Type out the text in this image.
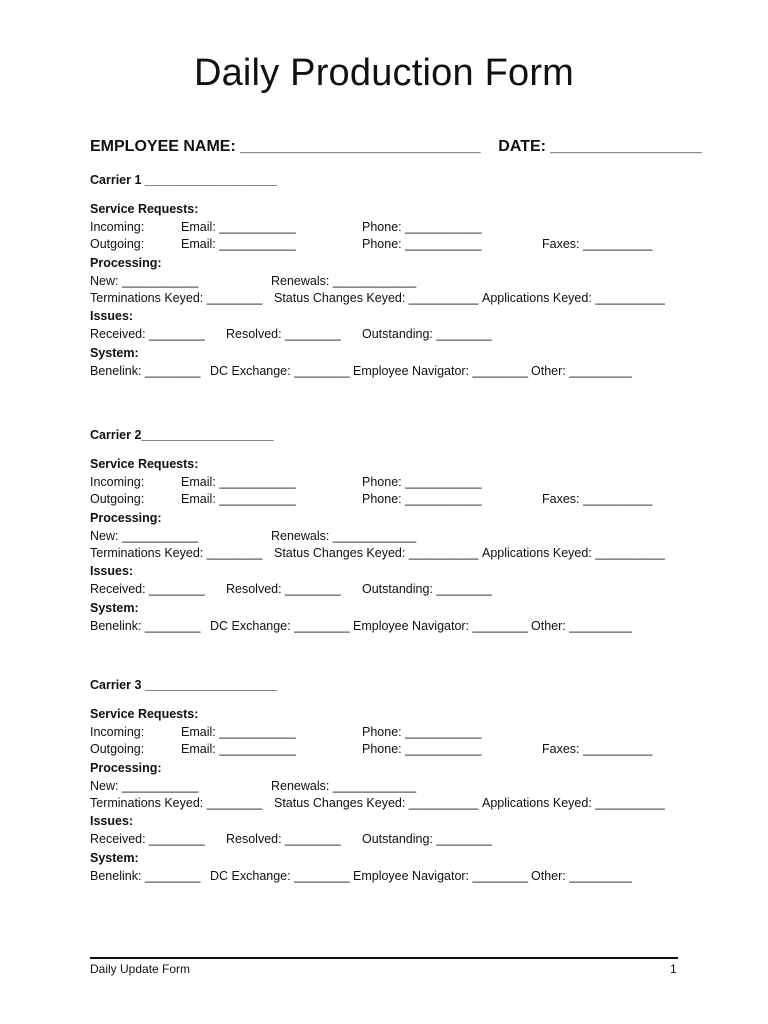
Daily Production Form
EMPLOYEE NAME: ___________________________    DATE: _________________
Carrier 1 ___________________
Service Requests:
Incoming:	Email: ___________	Phone: ___________
Outgoing:	Email: ___________	Phone: ___________	Faxes: __________
Processing:
New: ___________	Renewals: ____________
Terminations Keyed: ________ Status Changes Keyed: __________ Applications Keyed: __________
Issues:
Received: ________ Resolved: ________ Outstanding: ________
System:
Benelink: ________ DC Exchange: ________ Employee Navigator: ________ Other: _________
Carrier 2___________________
Service Requests:
Incoming:	Email: ___________	Phone: ___________
Outgoing:	Email: ___________	Phone: ___________	Faxes: __________
Processing:
New: ___________	Renewals: ____________
Terminations Keyed: ________ Status Changes Keyed: __________ Applications Keyed: __________
Issues:
Received: ________ Resolved: ________ Outstanding: ________
System:
Benelink: ________ DC Exchange: ________ Employee Navigator: ________ Other: _________
Carrier 3 ___________________
Service Requests:
Incoming:	Email: ___________	Phone: ___________
Outgoing:	Email: ___________	Phone: ___________	Faxes: __________
Processing:
New: ___________	Renewals: ____________
Terminations Keyed: ________ Status Changes Keyed: __________ Applications Keyed: __________
Issues:
Received: ________ Resolved: ________ Outstanding: ________
System:
Benelink: ________ DC Exchange: ________ Employee Navigator: ________ Other: _________
Daily Update Form	1
